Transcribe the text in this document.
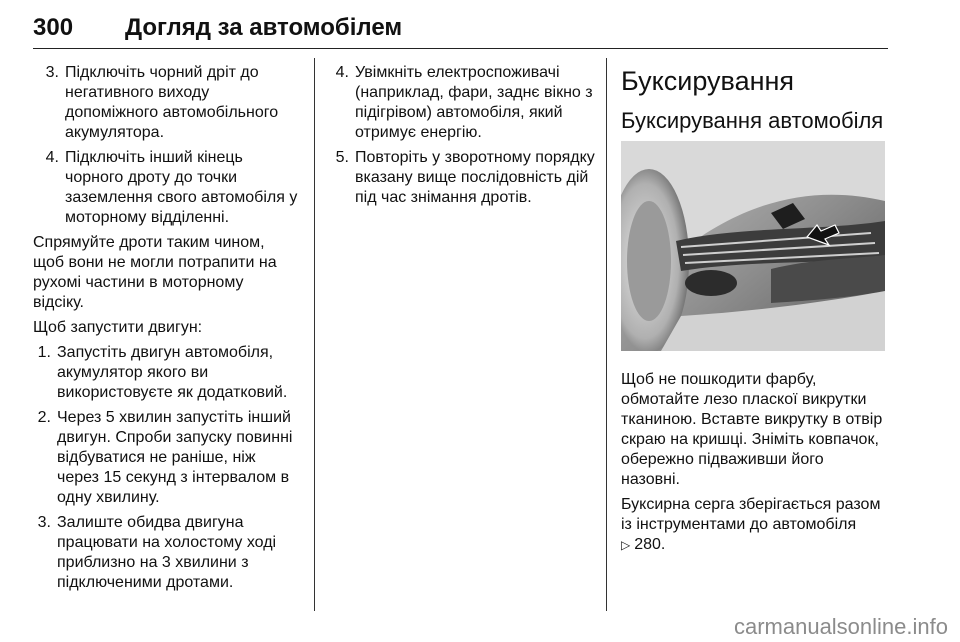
300 Догляд за автомобілем
3. Підключіть чорний дріт до
негативного виходу
допоміжного автомобільного
акумулятора.
4. Підключіть інший кінець
чорного дроту до точки
заземлення свого автомобіля у
моторному відділенні.
Спрямуйте дроти таким чином,
щоб вони не могли потрапити на
рухомі частини в моторному
відсіку.
Щоб запустити двигун:
1. Запустіть двигун автомобіля,
акумулятор якого ви
використовуєте як додатковий.
2. Через 5 хвилин запустіть інший
двигун. Спроби запуску повинні
відбуватися не раніше, ніж
через 15 секунд з інтервалом в
одну хвилину.
3. Залиште обидва двигуна
працювати на холостому ході
приблизно на 3 хвилини з
підключеними дротами.
4. Увімкніть електроспоживачі
(наприклад, фари, заднє вікно з
підігрівом) автомобіля, який
отримує енергію.
5. Повторіть у зворотному порядку
вказану вище послідовність дій
під час знімання дротів.
Буксирування
Буксирування автомобіля
Щоб не пошкодити фарбу,
обмотайте лезо пласкої викрутки
тканиною. Вставте викрутку в отвір
скраю на кришці. Зніміть ковпачок,
обережно підваживши його
назовні.
Буксирна серга зберігається разом
із інструментами до автомобіля
▷ 280.
carmanualsonline.info
